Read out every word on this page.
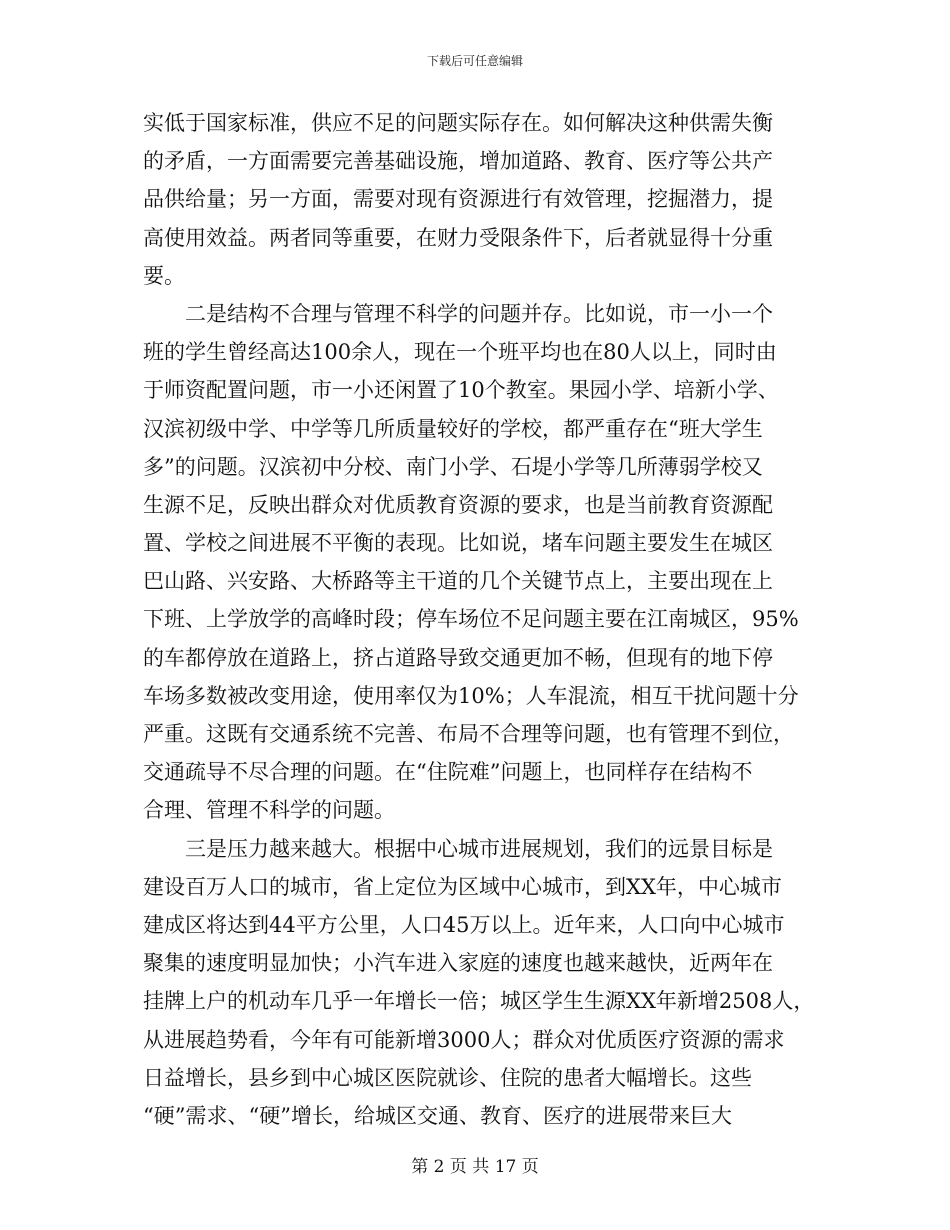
下载后可任意编辑
实低于国家标准，供应不足的问题实际存在。如何解决这种供需失衡
的矛盾，一方面需要完善基础设施，增加道路、教育、医疗等公共产
品供给量；另一方面，需要对现有资源进行有效管理，挖掘潜力，提
高使用效益。两者同等重要，在财力受限条件下，后者就显得十分重
要。
　　二是结构不合理与管理不科学的问题并存。比如说，市一小一个
班的学生曾经高达100余人，现在一个班平均也在80人以上，同时由
于师资配置问题，市一小还闲置了10个教室。果园小学、培新小学、
汉滨初级中学、中学等几所质量较好的学校，都严重存在“班大学生
多”的问题。汉滨初中分校、南门小学、石堤小学等几所薄弱学校又
生源不足，反映出群众对优质教育资源的要求，也是当前教育资源配
置、学校之间进展不平衡的表现。比如说，堵车问题主要发生在城区
巴山路、兴安路、大桥路等主干道的几个关键节点上，主要出现在上
下班、上学放学的高峰时段；停车场位不足问题主要在江南城区，95%
的车都停放在道路上，挤占道路导致交通更加不畅，但现有的地下停
车场多数被改变用途，使用率仅为10%；人车混流，相互干扰问题十分
严重。这既有交通系统不完善、布局不合理等问题，也有管理不到位，
交通疏导不尽合理的问题。在“住院难”问题上，也同样存在结构不
合理、管理不科学的问题。
　　三是压力越来越大。根据中心城市进展规划，我们的远景目标是
建设百万人口的城市，省上定位为区域中心城市，到XX年，中心城市
建成区将达到44平方公里，人口45万以上。近年来，人口向中心城市
聚集的速度明显加快；小汽车进入家庭的速度也越来越快，近两年在
挂牌上户的机动车几乎一年增长一倍；城区学生生源XX年新增2508人，
从进展趋势看，今年有可能新增3000人；群众对优质医疗资源的需求
日益增长，县乡到中心城区医院就诊、住院的患者大幅增长。这些
“硬”需求、“硬”增长，给城区交通、教育、医疗的进展带来巨大
第 2 页 共 17 页
